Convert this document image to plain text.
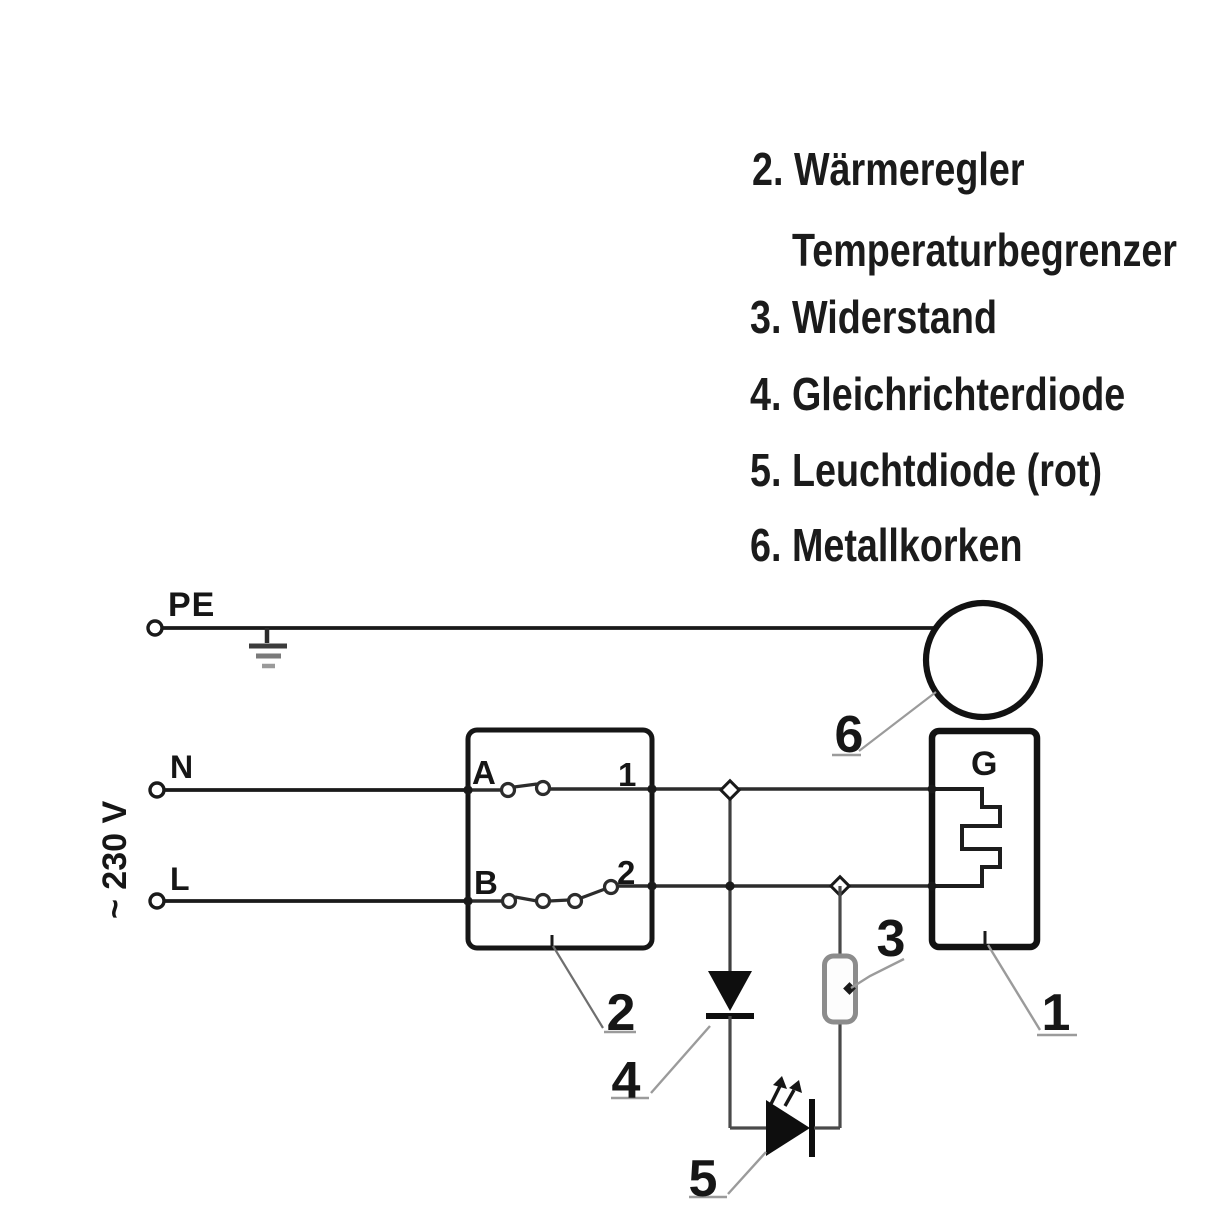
2. Wärmeregler
Temperaturbegrenzer
3. Widerstand
4. Gleichrichterdiode
5. Leuchtdiode (rot)
6. Metallkorken
PE
N
L
~ 230 V
A	1
B	2
G
6
2
4
5
3
1
